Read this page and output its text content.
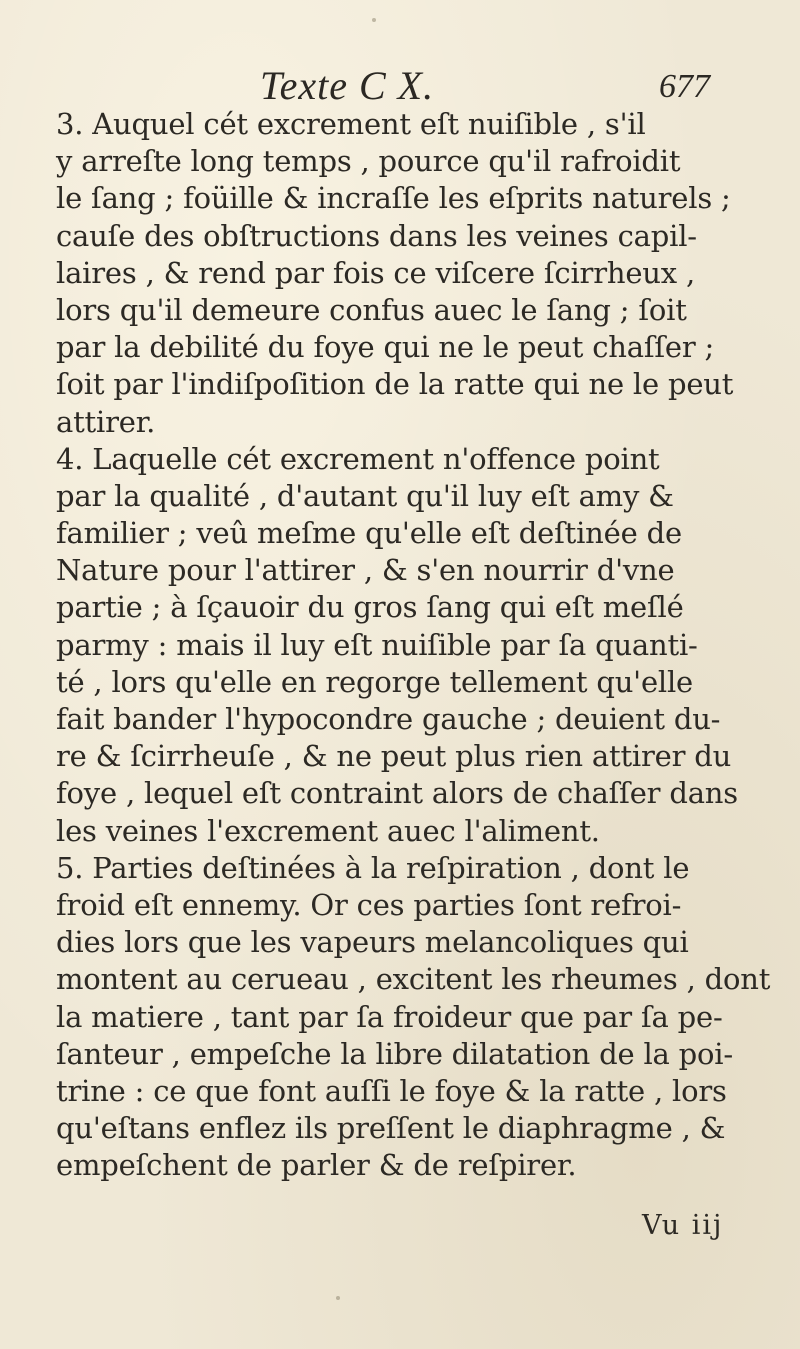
Texte C X.	677
3. Auquel cét excrement eſt nuiſible , s'il
y arreſte long temps , pource qu'il rafroidit
le ſang ; foüille & incraſſe les eſprits naturels ;
cauſe des obſtructions dans les veines capil-
laires , & rend par fois ce viſcere ſcirrheux ,
lors qu'il demeure confus auec le ſang ; ſoit
par la debilité du foye qui ne le peut chaſſer ;
ſoit par l'indiſpoſition de la ratte qui ne le peut
attirer.
4. Laquelle cét excrement n'offence point
par la qualité , d'autant qu'il luy eſt amy &
familier ; veû meſme qu'elle eſt deſtinée de
Nature pour l'attirer , & s'en nourrir d'vne
partie ; à ſçauoir du gros ſang qui eſt meſlé
parmy : mais il luy eſt nuiſible par ſa quanti-
té , lors qu'elle en regorge tellement qu'elle
fait bander l'hypocondre gauche ; deuient du-
re & ſcirrheuſe , & ne peut plus rien attirer du
foye , lequel eſt contraint alors de chaſſer dans
les veines l'excrement auec l'aliment.
5. Parties deſtinées à la reſpiration , dont le
froid eſt ennemy. Or ces parties ſont refroi-
dies lors que les vapeurs melancoliques qui
montent au cerueau , excitent les rheumes , dont
la matiere , tant par ſa froideur que par ſa pe-
ſanteur , empeſche la libre dilatation de la poi-
trine : ce que font auſſi le foye & la ratte , lors
qu'eſtans enflez ils preſſent le diaphragme , &
empeſchent de parler & de reſpirer.
Vu iij
